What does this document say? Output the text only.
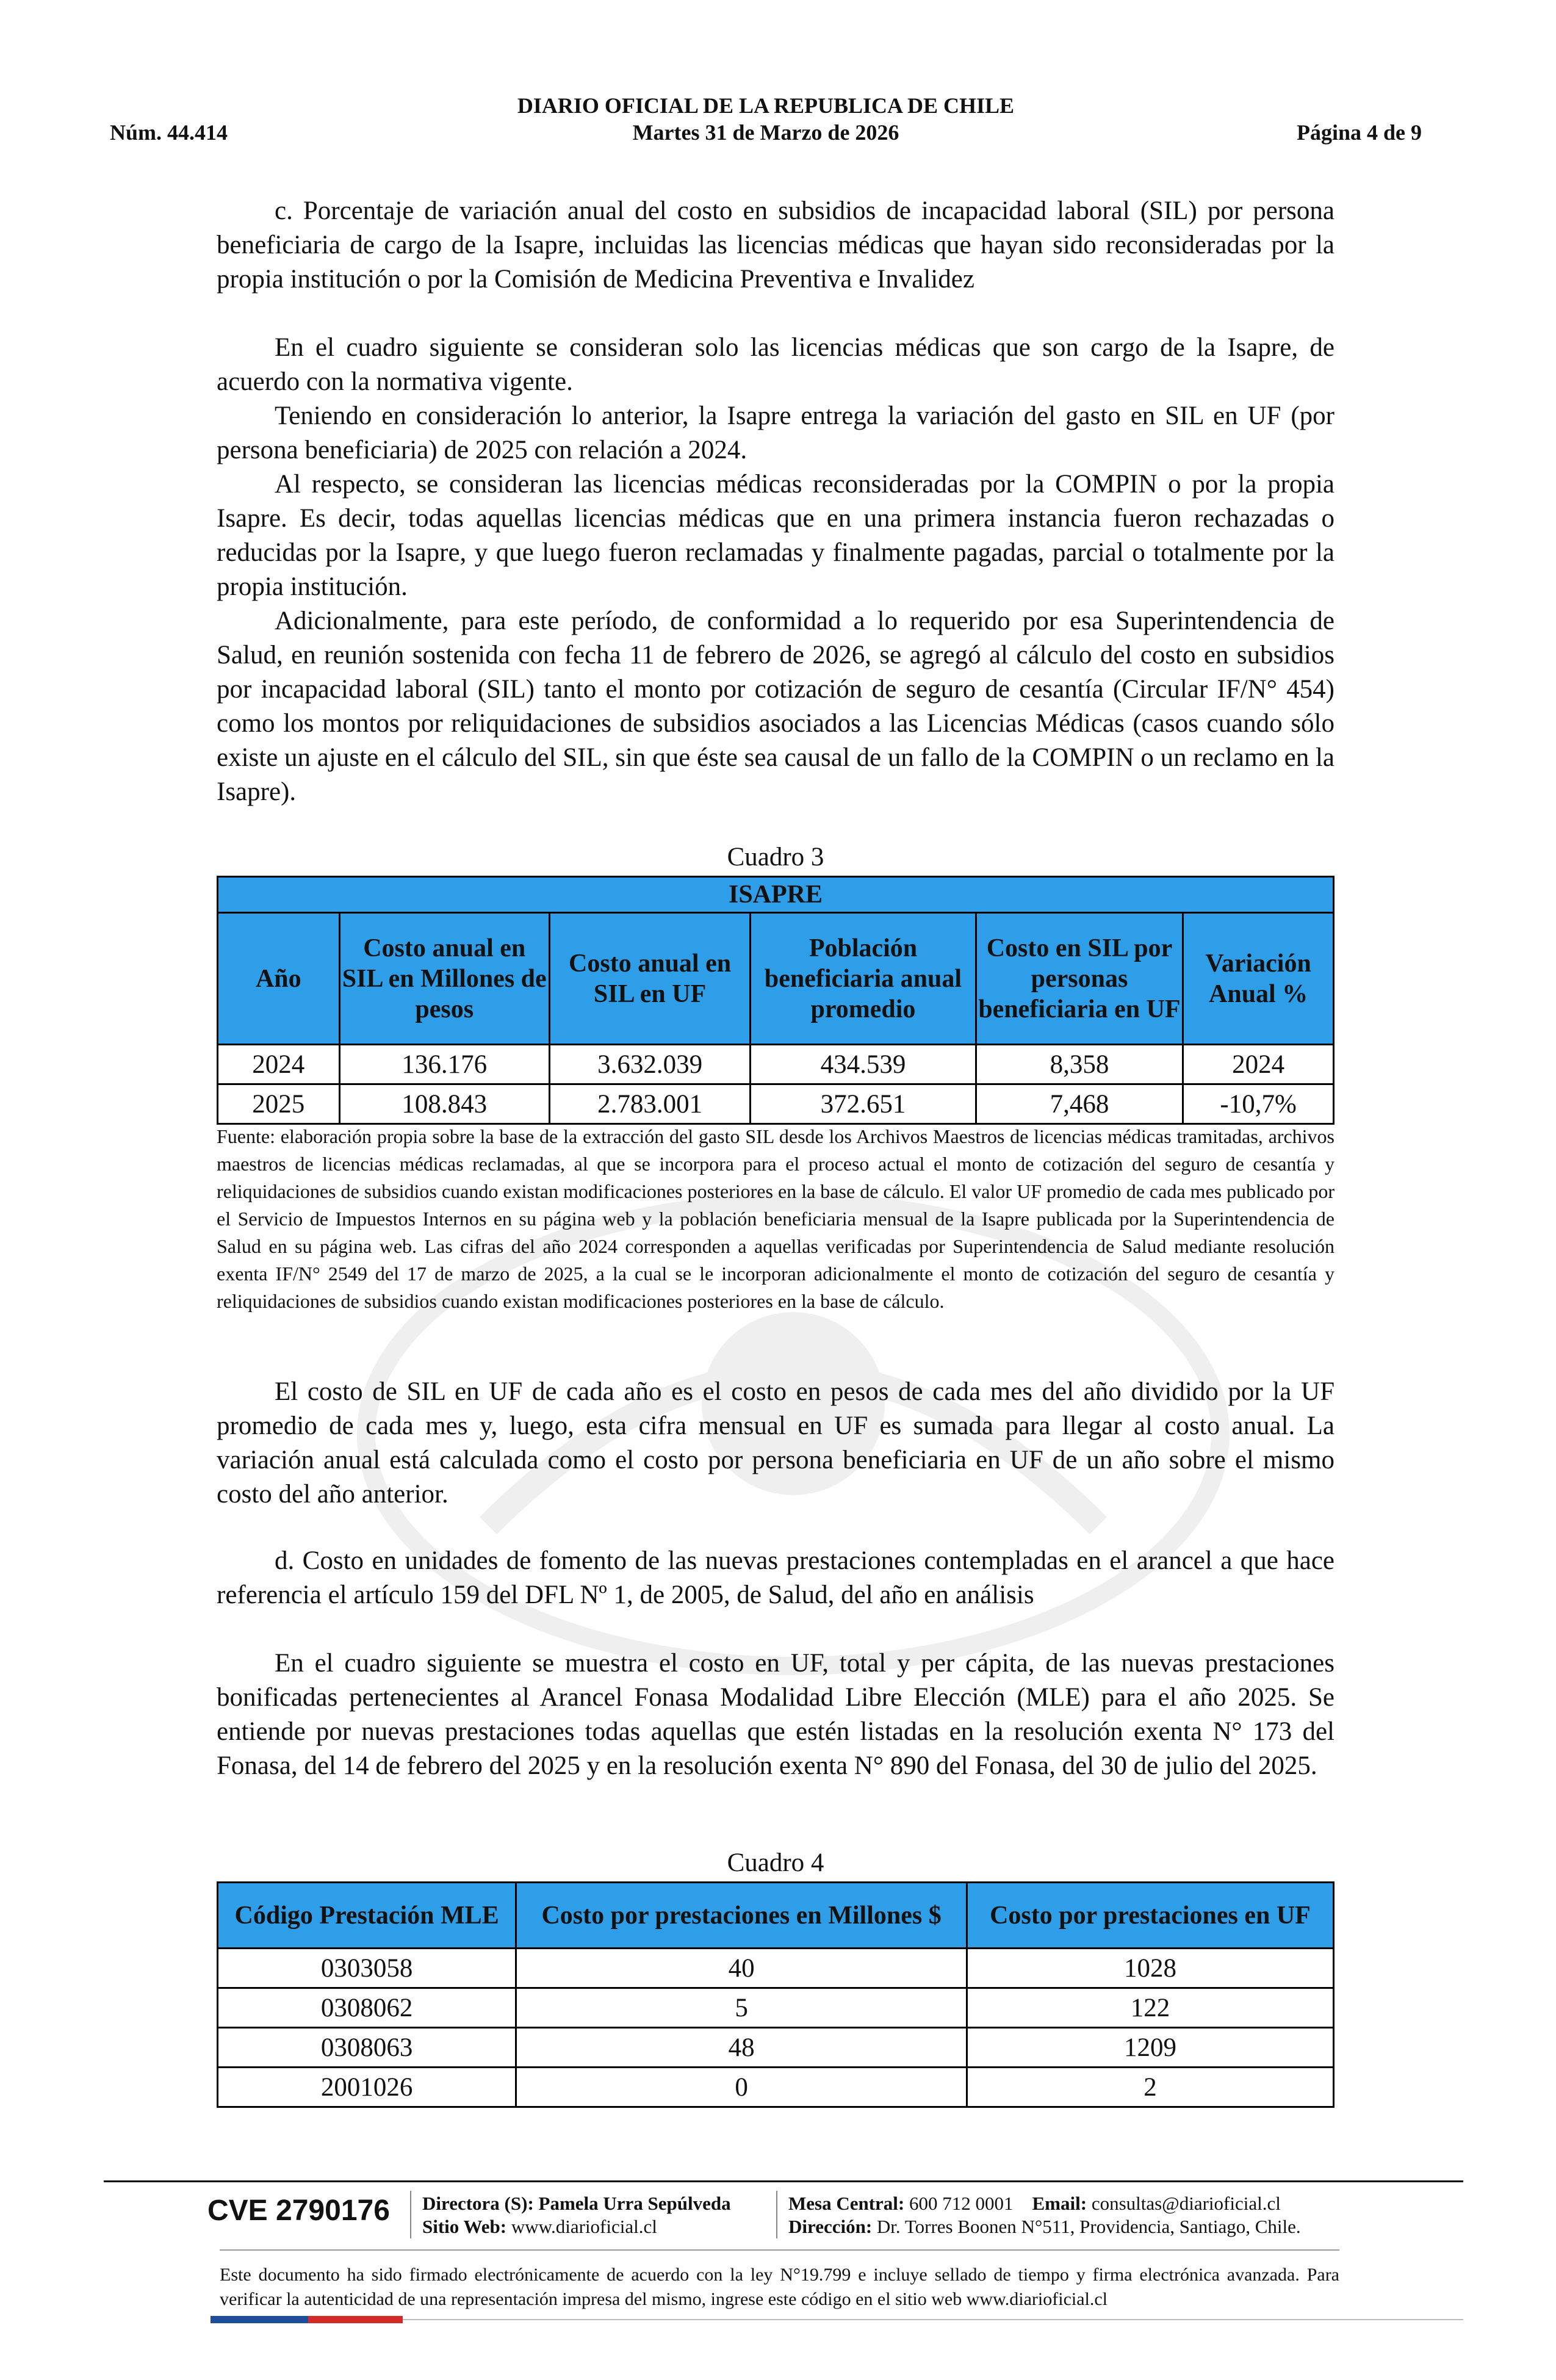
DIARIO OFICIAL DE LA REPUBLICA DE CHILE
Núm. 44.414	Martes 31 de Marzo de 2026	Página 4 de 9

c. Porcentaje de variación anual del costo en subsidios de incapacidad laboral (SIL) por persona beneficiaria de cargo de la Isapre, incluidas las licencias médicas que hayan sido reconsideradas por la propia institución o por la Comisión de Medicina Preventiva e Invalidez

En el cuadro siguiente se consideran solo las licencias médicas que son cargo de la Isapre, de acuerdo con la normativa vigente.

Teniendo en consideración lo anterior, la Isapre entrega la variación del gasto en SIL en UF (por persona beneficiaria) de 2025 con relación a 2024.

Al respecto, se consideran las licencias médicas reconsideradas por la COMPIN o por la propia Isapre. Es decir, todas aquellas licencias médicas que en una primera instancia fueron rechazadas o reducidas por la Isapre, y que luego fueron reclamadas y finalmente pagadas, parcial o totalmente por la propia institución.

Adicionalmente, para este período, de conformidad a lo requerido por esa Superintendencia de Salud, en reunión sostenida con fecha 11 de febrero de 2026, se agregó al cálculo del costo en subsidios por incapacidad laboral (SIL) tanto el monto por cotización de seguro de cesantía (Circular IF/N° 454) como los montos por reliquidaciones de subsidios asociados a las Licencias Médicas (casos cuando sólo existe un ajuste en el cálculo del SIL, sin que éste sea causal de un fallo de la COMPIN o un reclamo en la Isapre).

Cuadro 3
ISAPRE					
Año	Costo anual en SIL en Millones de pesos	Costo anual en SIL en UF	Población beneficiaria anual promedio	Costo en SIL por personas beneficiaria en UF	Variación Anual %
2024	136.176	3.632.039	434.539	8,358	2024
2025	108.843	2.783.001	372.651	7,468	-10,7%
Fuente: elaboración propia sobre la base de la extracción del gasto SIL desde los Archivos Maestros de licencias médicas tramitadas, archivos maestros de licencias médicas reclamadas, al que se incorpora para el proceso actual el monto de cotización del seguro de cesantía y reliquidaciones de subsidios cuando existan modificaciones posteriores en la base de cálculo. El valor UF promedio de cada mes publicado por el Servicio de Impuestos Internos en su página web y la población beneficiaria mensual de la Isapre publicada por la Superintendencia de Salud en su página web. Las cifras del año 2024 corresponden a aquellas verificadas por Superintendencia de Salud mediante resolución exenta IF/N° 2549 del 17 de marzo de 2025, a la cual se le incorporan adicionalmente el monto de cotización del seguro de cesantía y reliquidaciones de subsidios cuando existan modificaciones posteriores en la base de cálculo.

El costo de SIL en UF de cada año es el costo en pesos de cada mes del año dividido por la UF promedio de cada mes y, luego, esta cifra mensual en UF es sumada para llegar al costo anual. La variación anual está calculada como el costo por persona beneficiaria en UF de un año sobre el mismo costo del año anterior.

d. Costo en unidades de fomento de las nuevas prestaciones contempladas en el arancel a que hace referencia el artículo 159 del DFL Nº 1, de 2005, de Salud, del año en análisis

En el cuadro siguiente se muestra el costo en UF, total y per cápita, de las nuevas prestaciones bonificadas pertenecientes al Arancel Fonasa Modalidad Libre Elección (MLE) para el año 2025. Se entiende por nuevas prestaciones todas aquellas que estén listadas en la resolución exenta N° 173 del Fonasa, del 14 de febrero del 2025 y en la resolución exenta N° 890 del Fonasa, del 30 de julio del 2025.

Cuadro 4
Código Prestación MLE	Costo por prestaciones en Millones $	Costo por prestaciones en UF
0303058	40	1028
0308062	5	122
0308063	48	1209
2001026	0	2
CVE 2790176 Directora (S): Pamela Urra Sepúlveda
Sitio Web: www.diarioficial.cl
Mesa Central: 600 712 0001 Email: consultas@diarioficial.cl
Dirección: Dr. Torres Boonen N°511, Providencia, Santiago, Chile.
Este documento ha sido firmado electrónicamente de acuerdo con la ley N°19.799 e incluye sellado de tiempo y firma electrónica avanzada. Para verificar la autenticidad de una representación impresa del mismo, ingrese este código en el sitio web www.diarioficial.cl
